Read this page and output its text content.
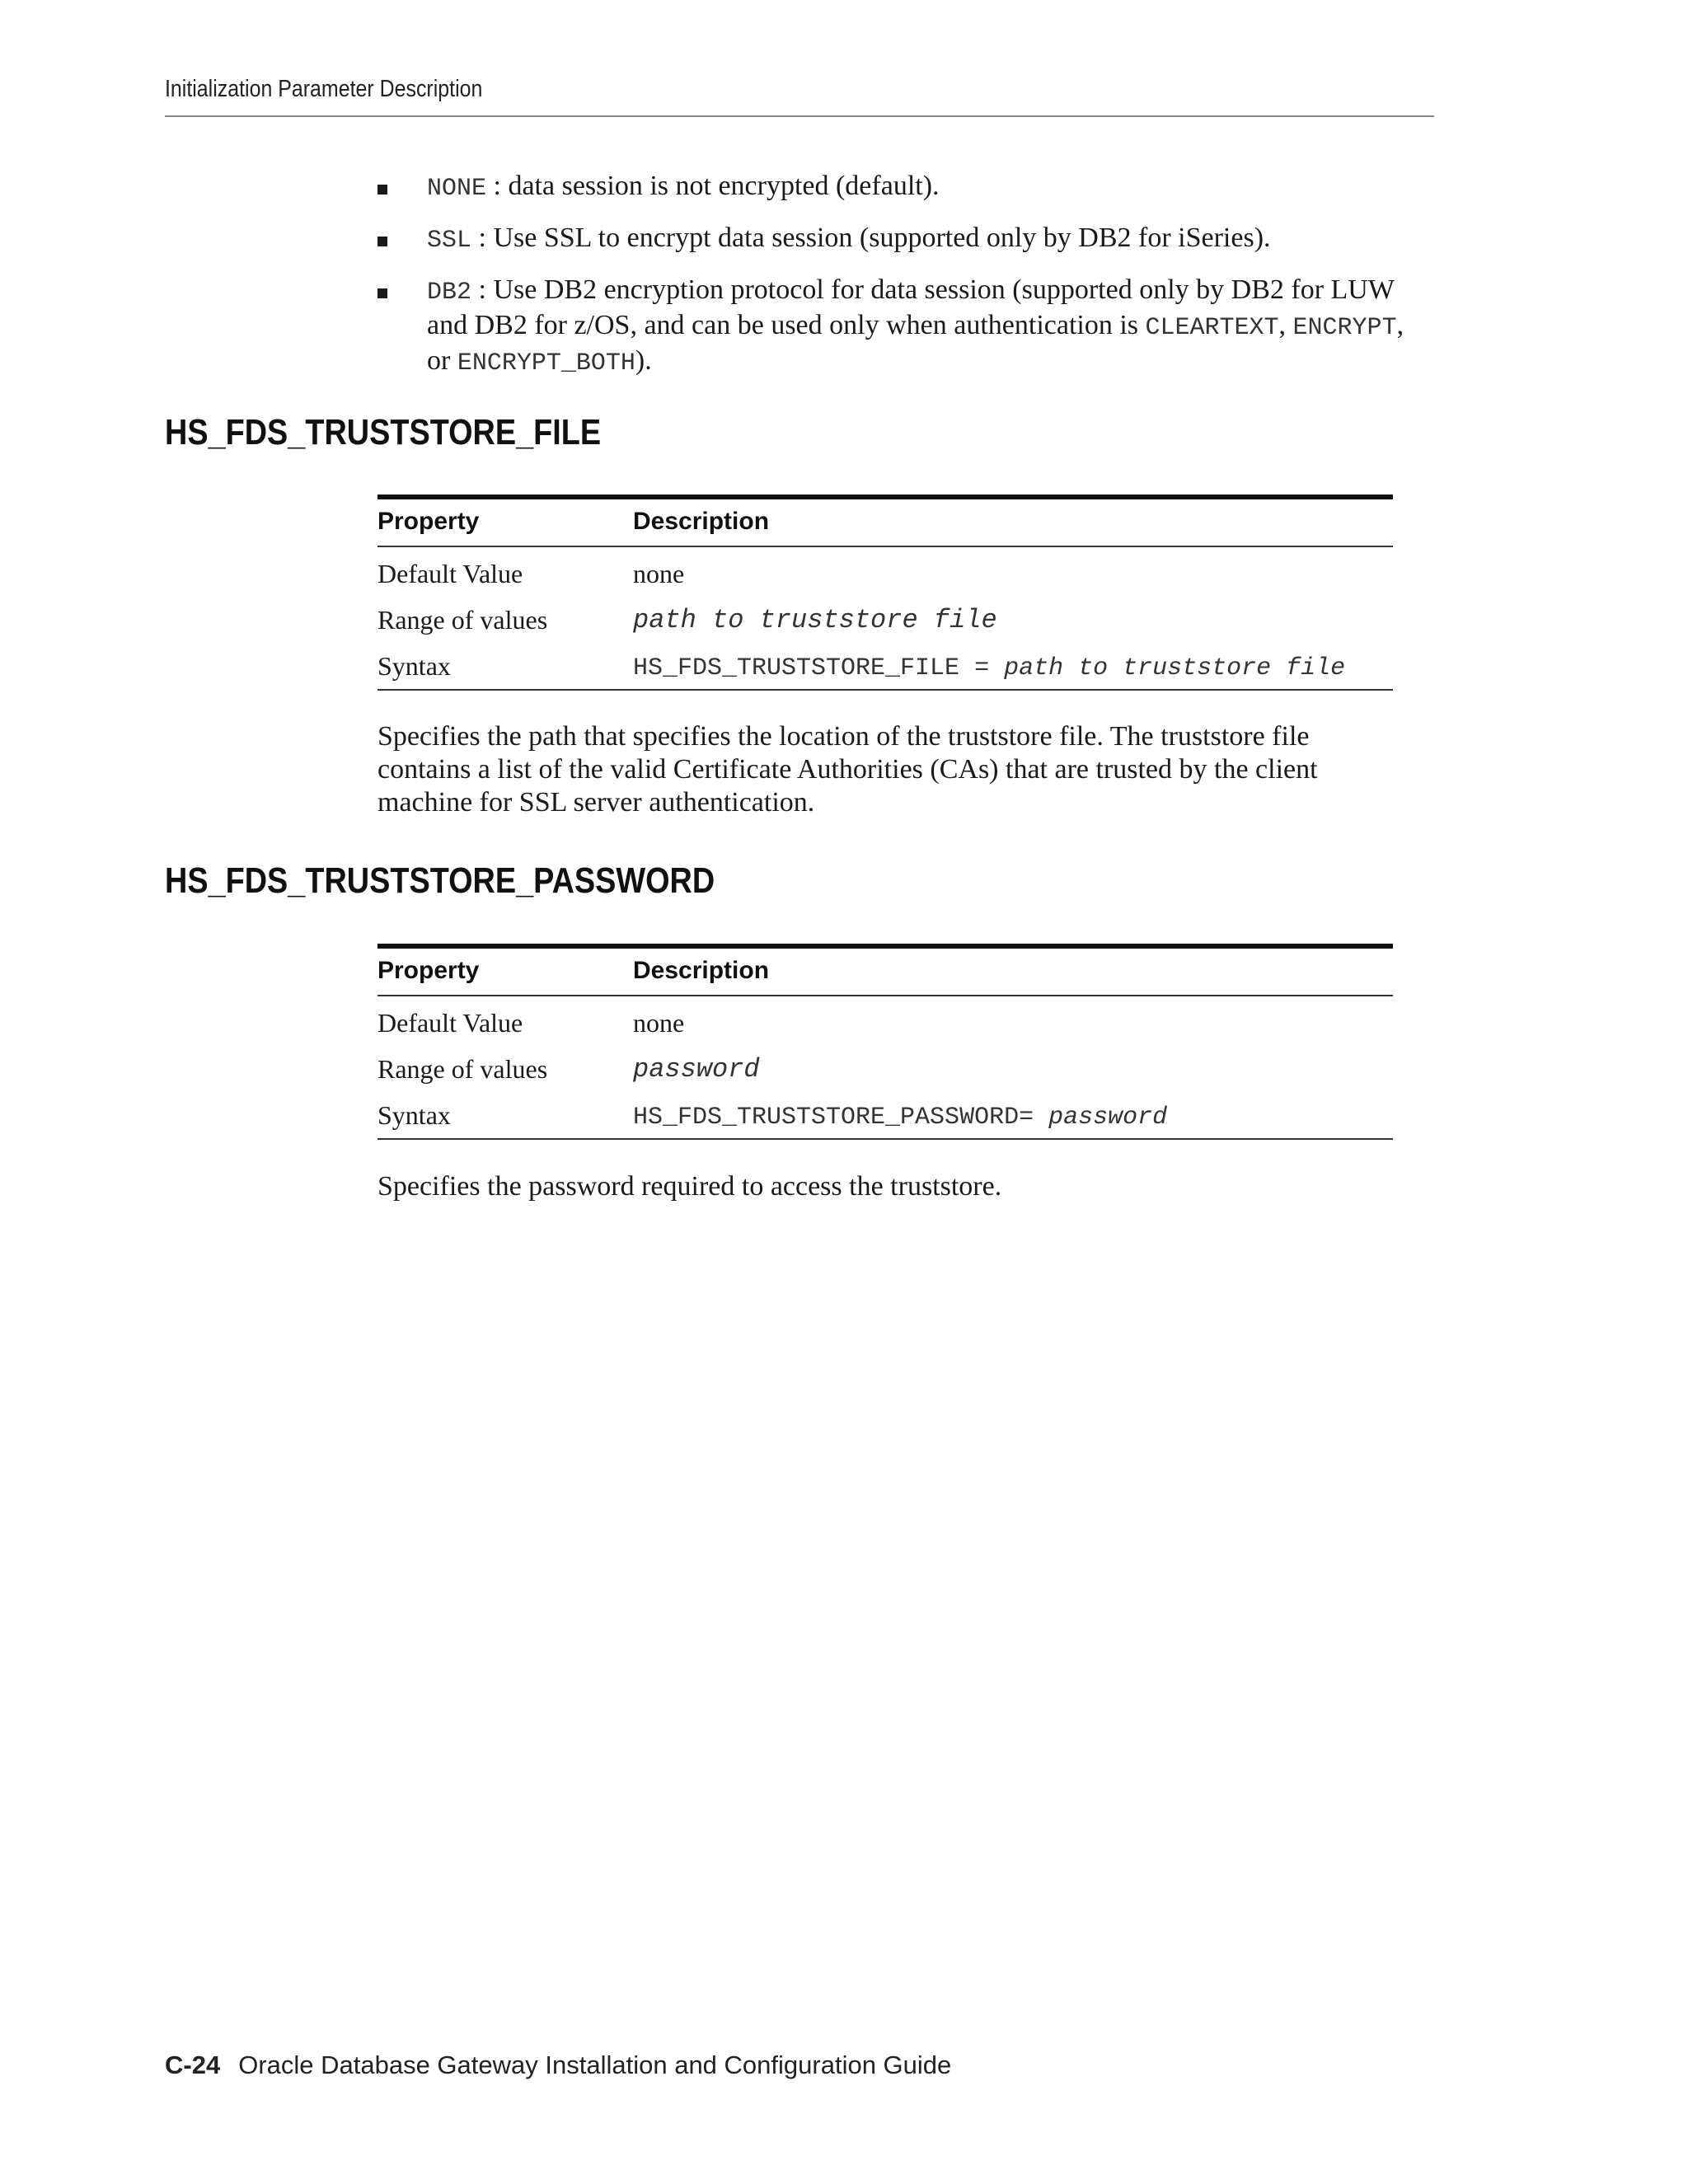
Initialization Parameter Description
NONE : data session is not encrypted (default).
SSL : Use SSL to encrypt data session (supported only by DB2 for iSeries).
DB2 : Use DB2 encryption protocol for data session (supported only by DB2 for LUW and DB2 for z/OS, and can be used only when authentication is CLEARTEXT, ENCRYPT, or ENCRYPT_BOTH).
HS_FDS_TRUSTSTORE_FILE
Property	Description
Default Value	none
Range of values	path to truststore file
Syntax	HS_FDS_TRUSTSTORE_FILE = path to truststore file

Specifies the path that specifies the location of the truststore file. The truststore file contains a list of the valid Certificate Authorities (CAs) that are trusted by the client machine for SSL server authentication.

HS_FDS_TRUSTSTORE_PASSWORD
Property	Description
Default Value	none
Range of values	password
Syntax	HS_FDS_TRUSTSTORE_PASSWORD= password

Specifies the password required to access the truststore.

C-24 Oracle Database Gateway Installation and Configuration Guide
